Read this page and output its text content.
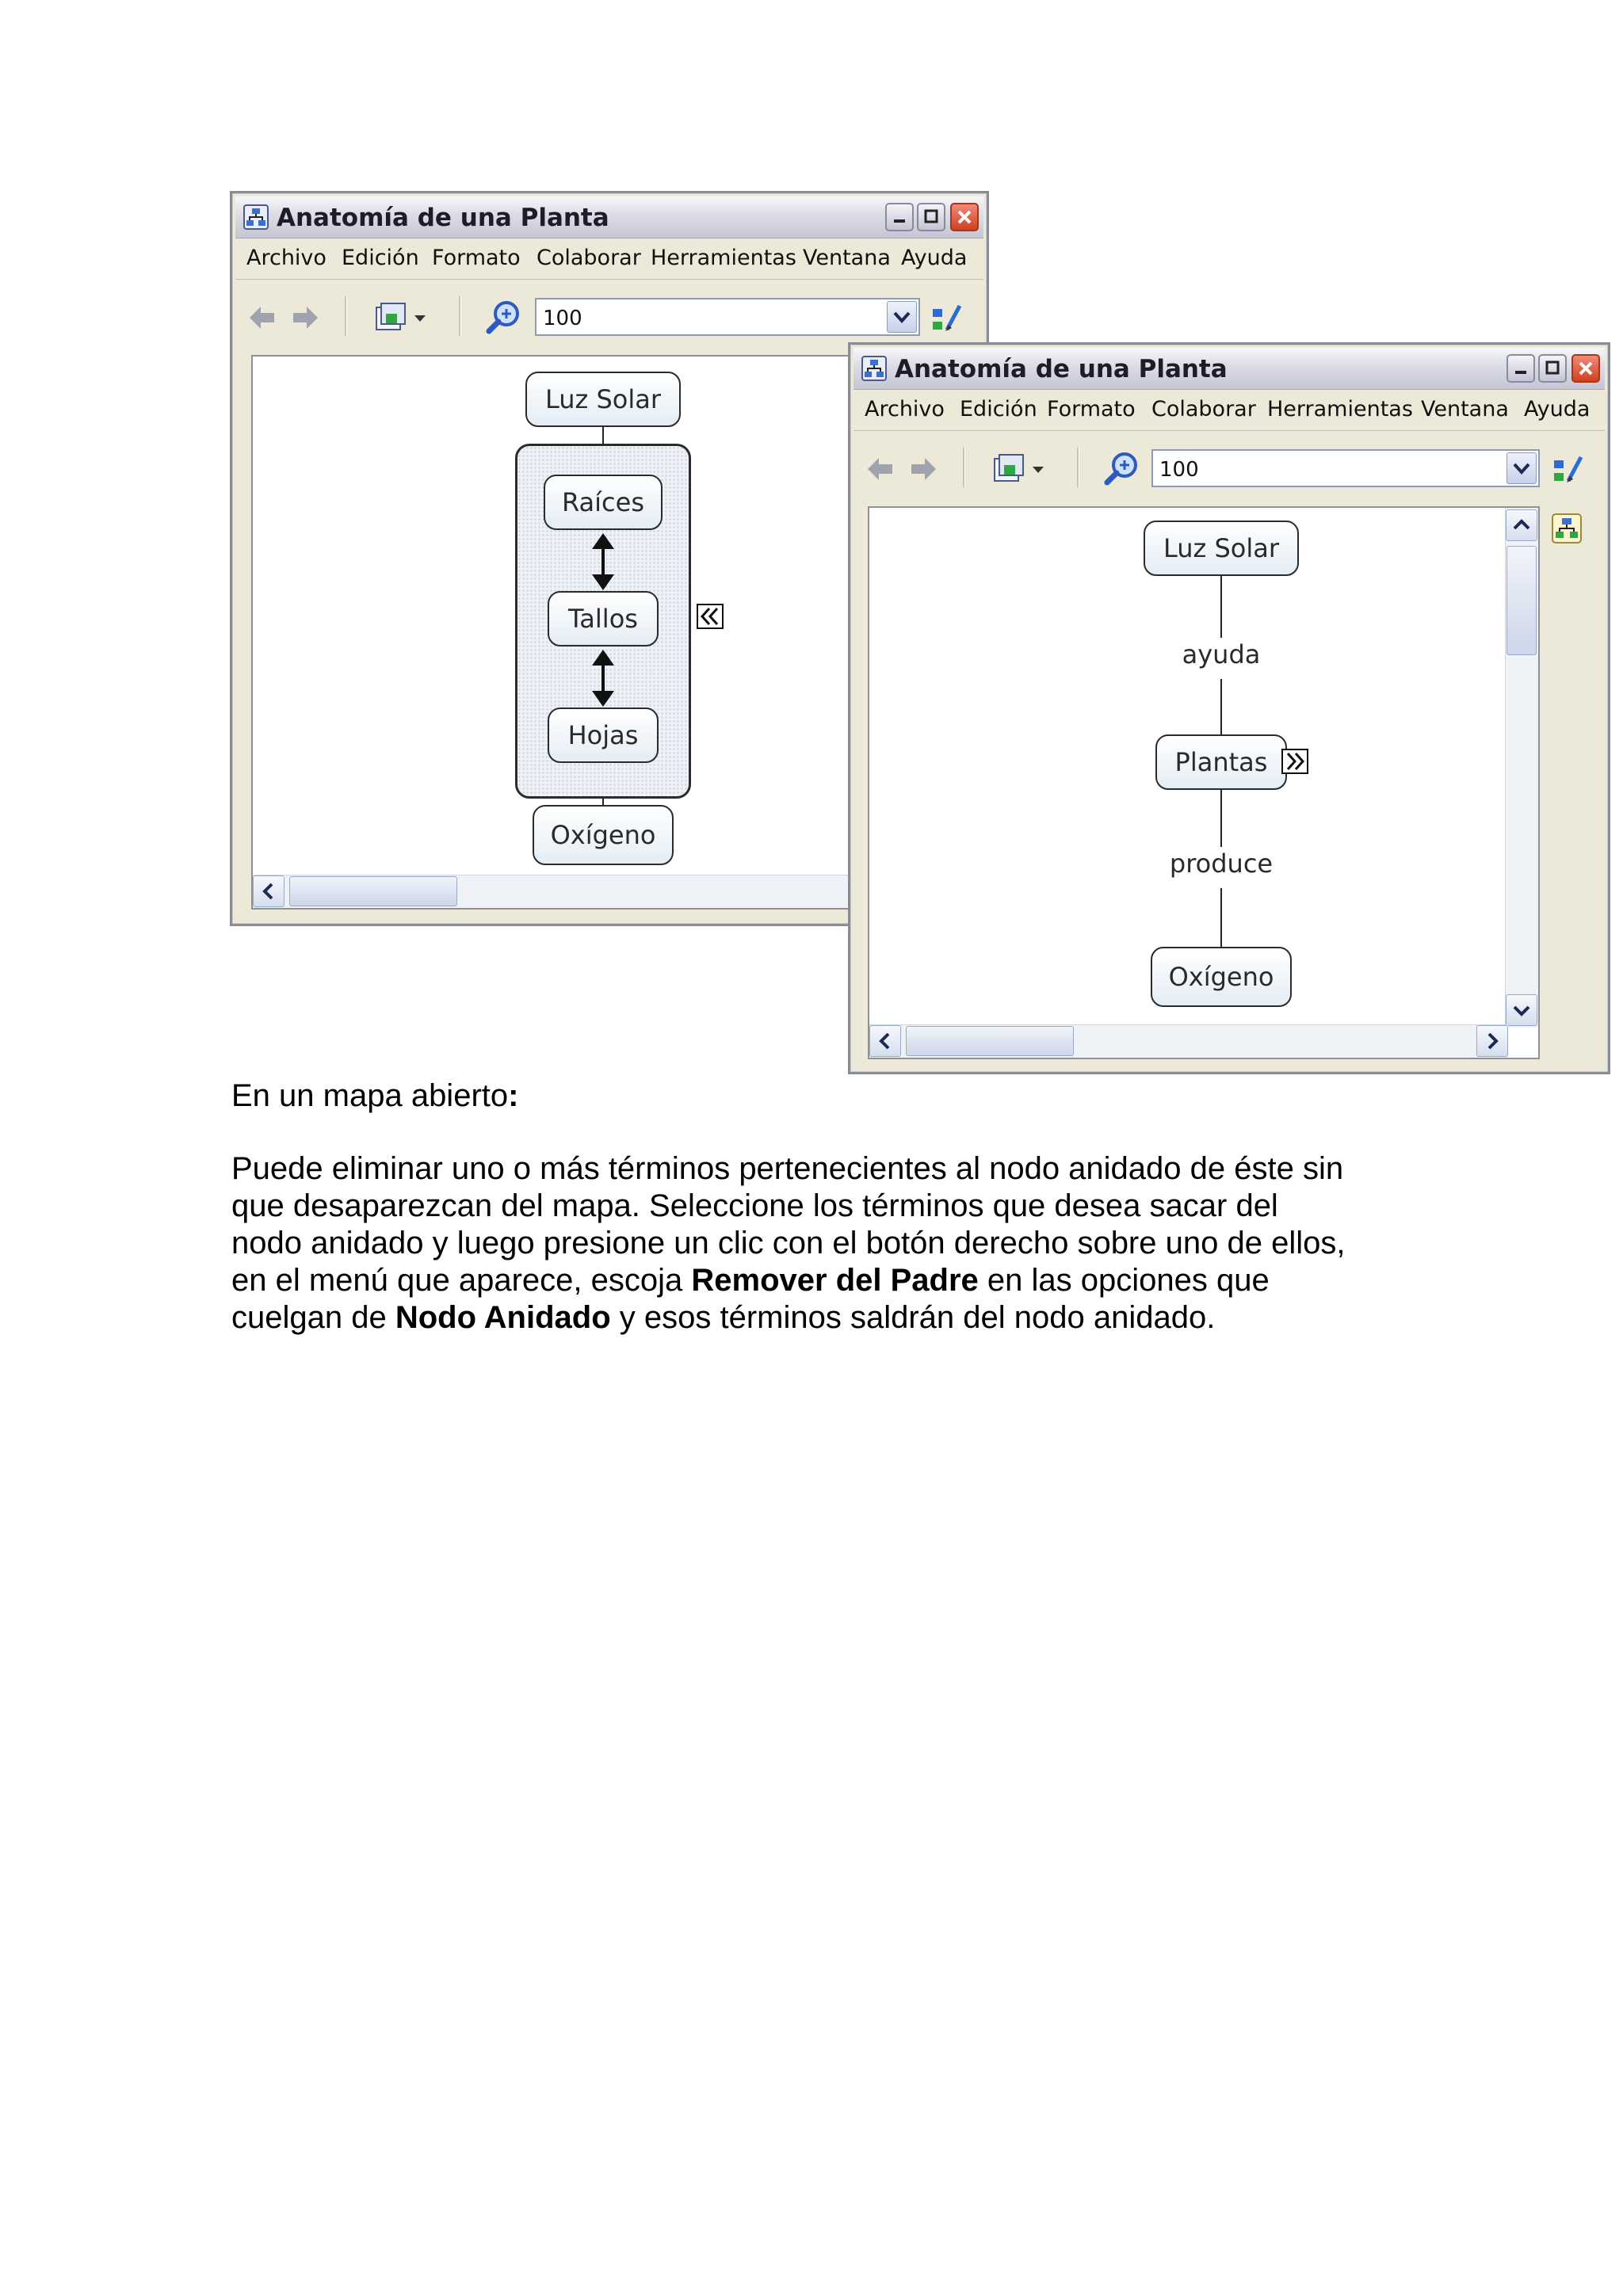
Anatomía de una Planta
Archivo Edición Formato Colaborar Herramientas Ventana Ayuda
100
Luz Solar
Raíces
Tallos
Hojas
Oxígeno
Anatomía de una Planta
Archivo Edición Formato Colaborar Herramientas Ventana Ayuda
100
Luz Solar
ayuda
Plantas
produce
Oxígeno
En un mapa abierto:
Puede eliminar uno o más términos pertenecientes al nodo anidado de éste sin
que desaparezcan del mapa. Seleccione los términos que desea sacar del
nodo anidado y luego presione un clic con el botón derecho sobre uno de ellos,
en el menú que aparece, escoja Remover del Padre en las opciones que
cuelgan de Nodo Anidado y esos términos saldrán del nodo anidado.
